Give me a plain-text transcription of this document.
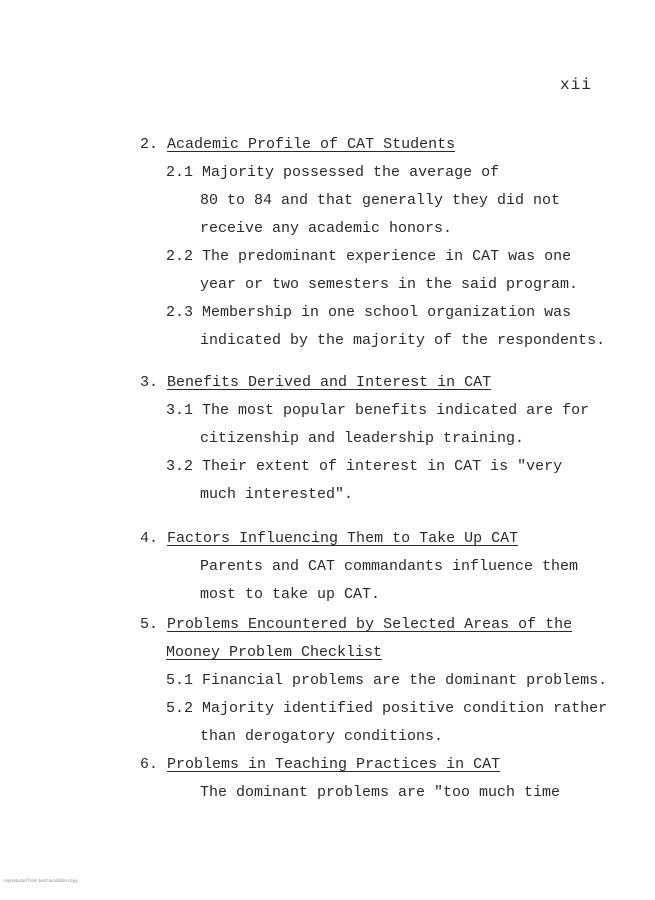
xii
2. Academic Profile of CAT Students
2.1 Majority possessed the average of
80 to 84 and that generally they did not
receive any academic honors.
2.2 The predominant experience in CAT was one
year or two semesters in the said program.
2.3 Membership in one school organization was
indicated by the majority of the respondents.
3. Benefits Derived and Interest in CAT
3.1 The most popular benefits indicated are for
citizenship and leadership training.
3.2 Their extent of interest in CAT is "very
much interested".
4. Factors Influencing Them to Take Up CAT
Parents and CAT commandants influence them
most to take up CAT.
5. Problems Encountered by Selected Areas of the
Mooney Problem Checklist
5.1 Financial problems are the dominant problems.
5.2 Majority identified positive condition rather
than derogatory conditions.
6. Problems in Teaching Practices in CAT
The dominant problems are "too much time
reproduced from best available copy
